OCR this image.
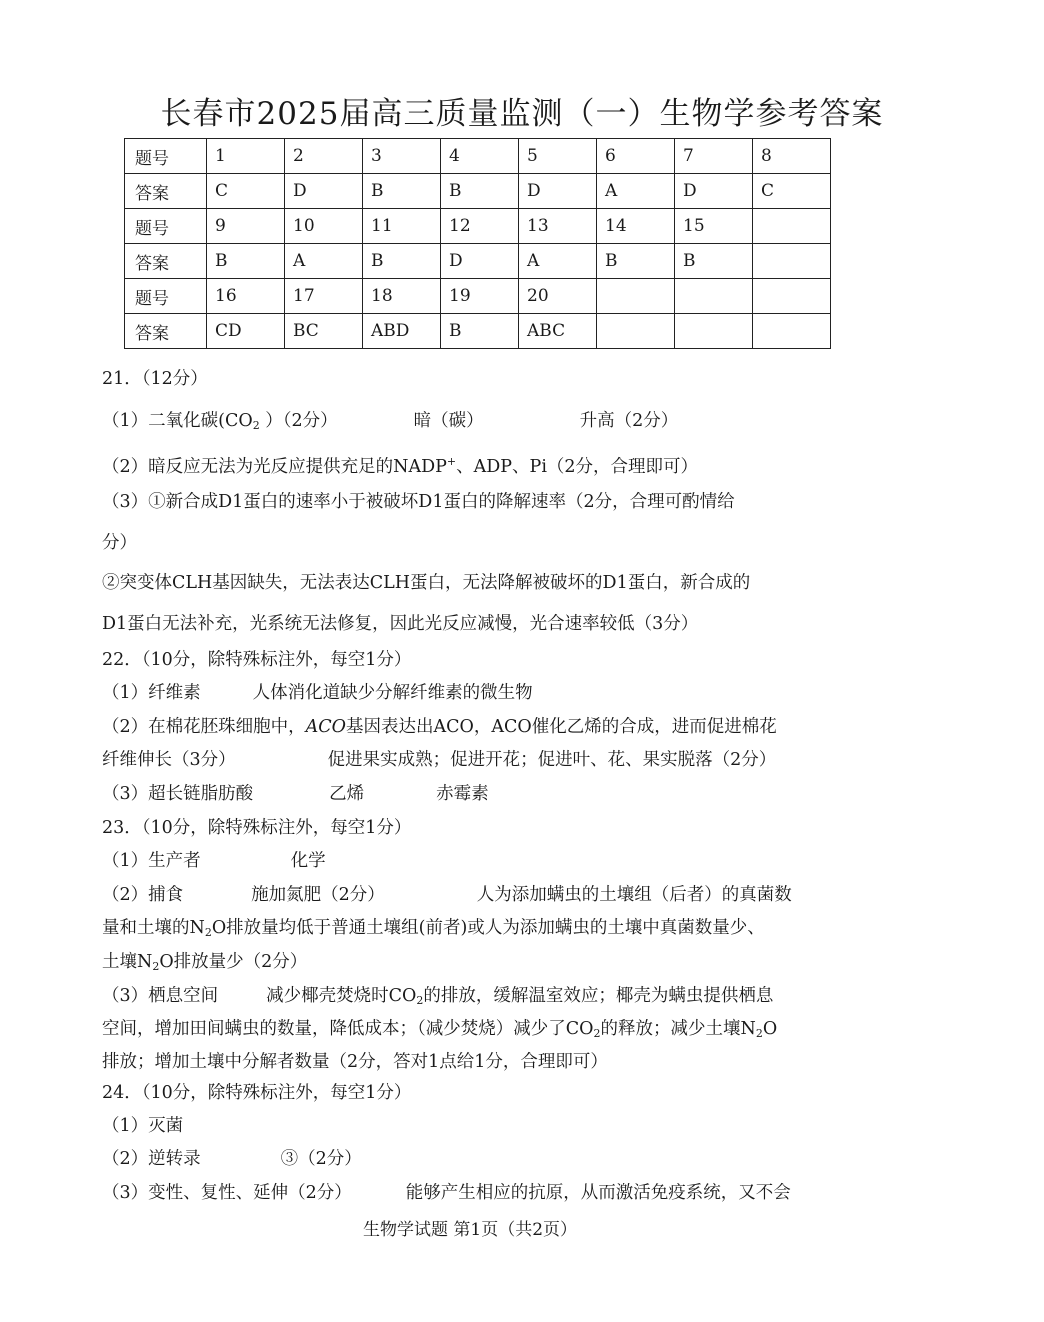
长春市2025届高三质量监测（一）生物学参考答案
题号	1	2	3	4	5	6	7	8
答案	C	D	B	B	D	A	D	C
题号	9	10	11	12	13	14	15	
答案	B	A	B	D	A	B	B	
题号	16	17	18	19	20			
答案	CD	BC	ABD	B	ABC			
21．（12分）
（1）二氧化碳($CO_2$ ）（2分）	暗（碳）	升高（2分）
（2）暗反应无法为光反应提供充足的NADP+、ADP、Pi（2分，合理即可）
（3）①新合成D1蛋白的速率小于被破坏D1蛋白的降解速率（2分，合理可酌情给
分）
②突变体CLH基因缺失，无法表达CLH蛋白，无法降解被破坏的D1蛋白，新合成的
D1蛋白无法补充，光系统无法修复，因此光反应减慢，光合速率较低（3分）
22．（10分，除特殊标注外，每空1分）
（1）纤维素	人体消化道缺少分解纤维素的微生物
（2）在棉花胚珠细胞中，ACO基因表达出ACO，ACO催化乙烯的合成，进而促进棉花
纤维伸长（3分）	促进果实成熟；促进开花；促进叶、花、果实脱落（2分）
（3）超长链脂肪酸	乙烯	赤霉素
23．（10分，除特殊标注外，每空1分）
（1）生产者	化学
（2）捕食	施加氮肥（2分）	人为添加螨虫的土壤组（后者）的真菌数
量和土壤的$N_2O$排放量均低于普通土壤组(前者)或人为添加螨虫的土壤中真菌数量少、
土壤$N_2O$排放量少（2分）
（3）栖息空间	减少椰壳焚烧时$CO_2$的排放，缓解温室效应；椰壳为螨虫提供栖息
空间，增加田间螨虫的数量，降低成本；（减少焚烧）减少了$CO_2$的释放；减少土壤$N_2O$
排放；增加土壤中分解者数量（2分，答对1点给1分，合理即可）
24．（10分，除特殊标注外，每空1分）
（1）灭菌
（2）逆转录	③（2分）
（3）变性、复性、延伸（2分）	能够产生相应的抗原，从而激活免疫系统，又不会
生物学试题 第1页（共2页）
